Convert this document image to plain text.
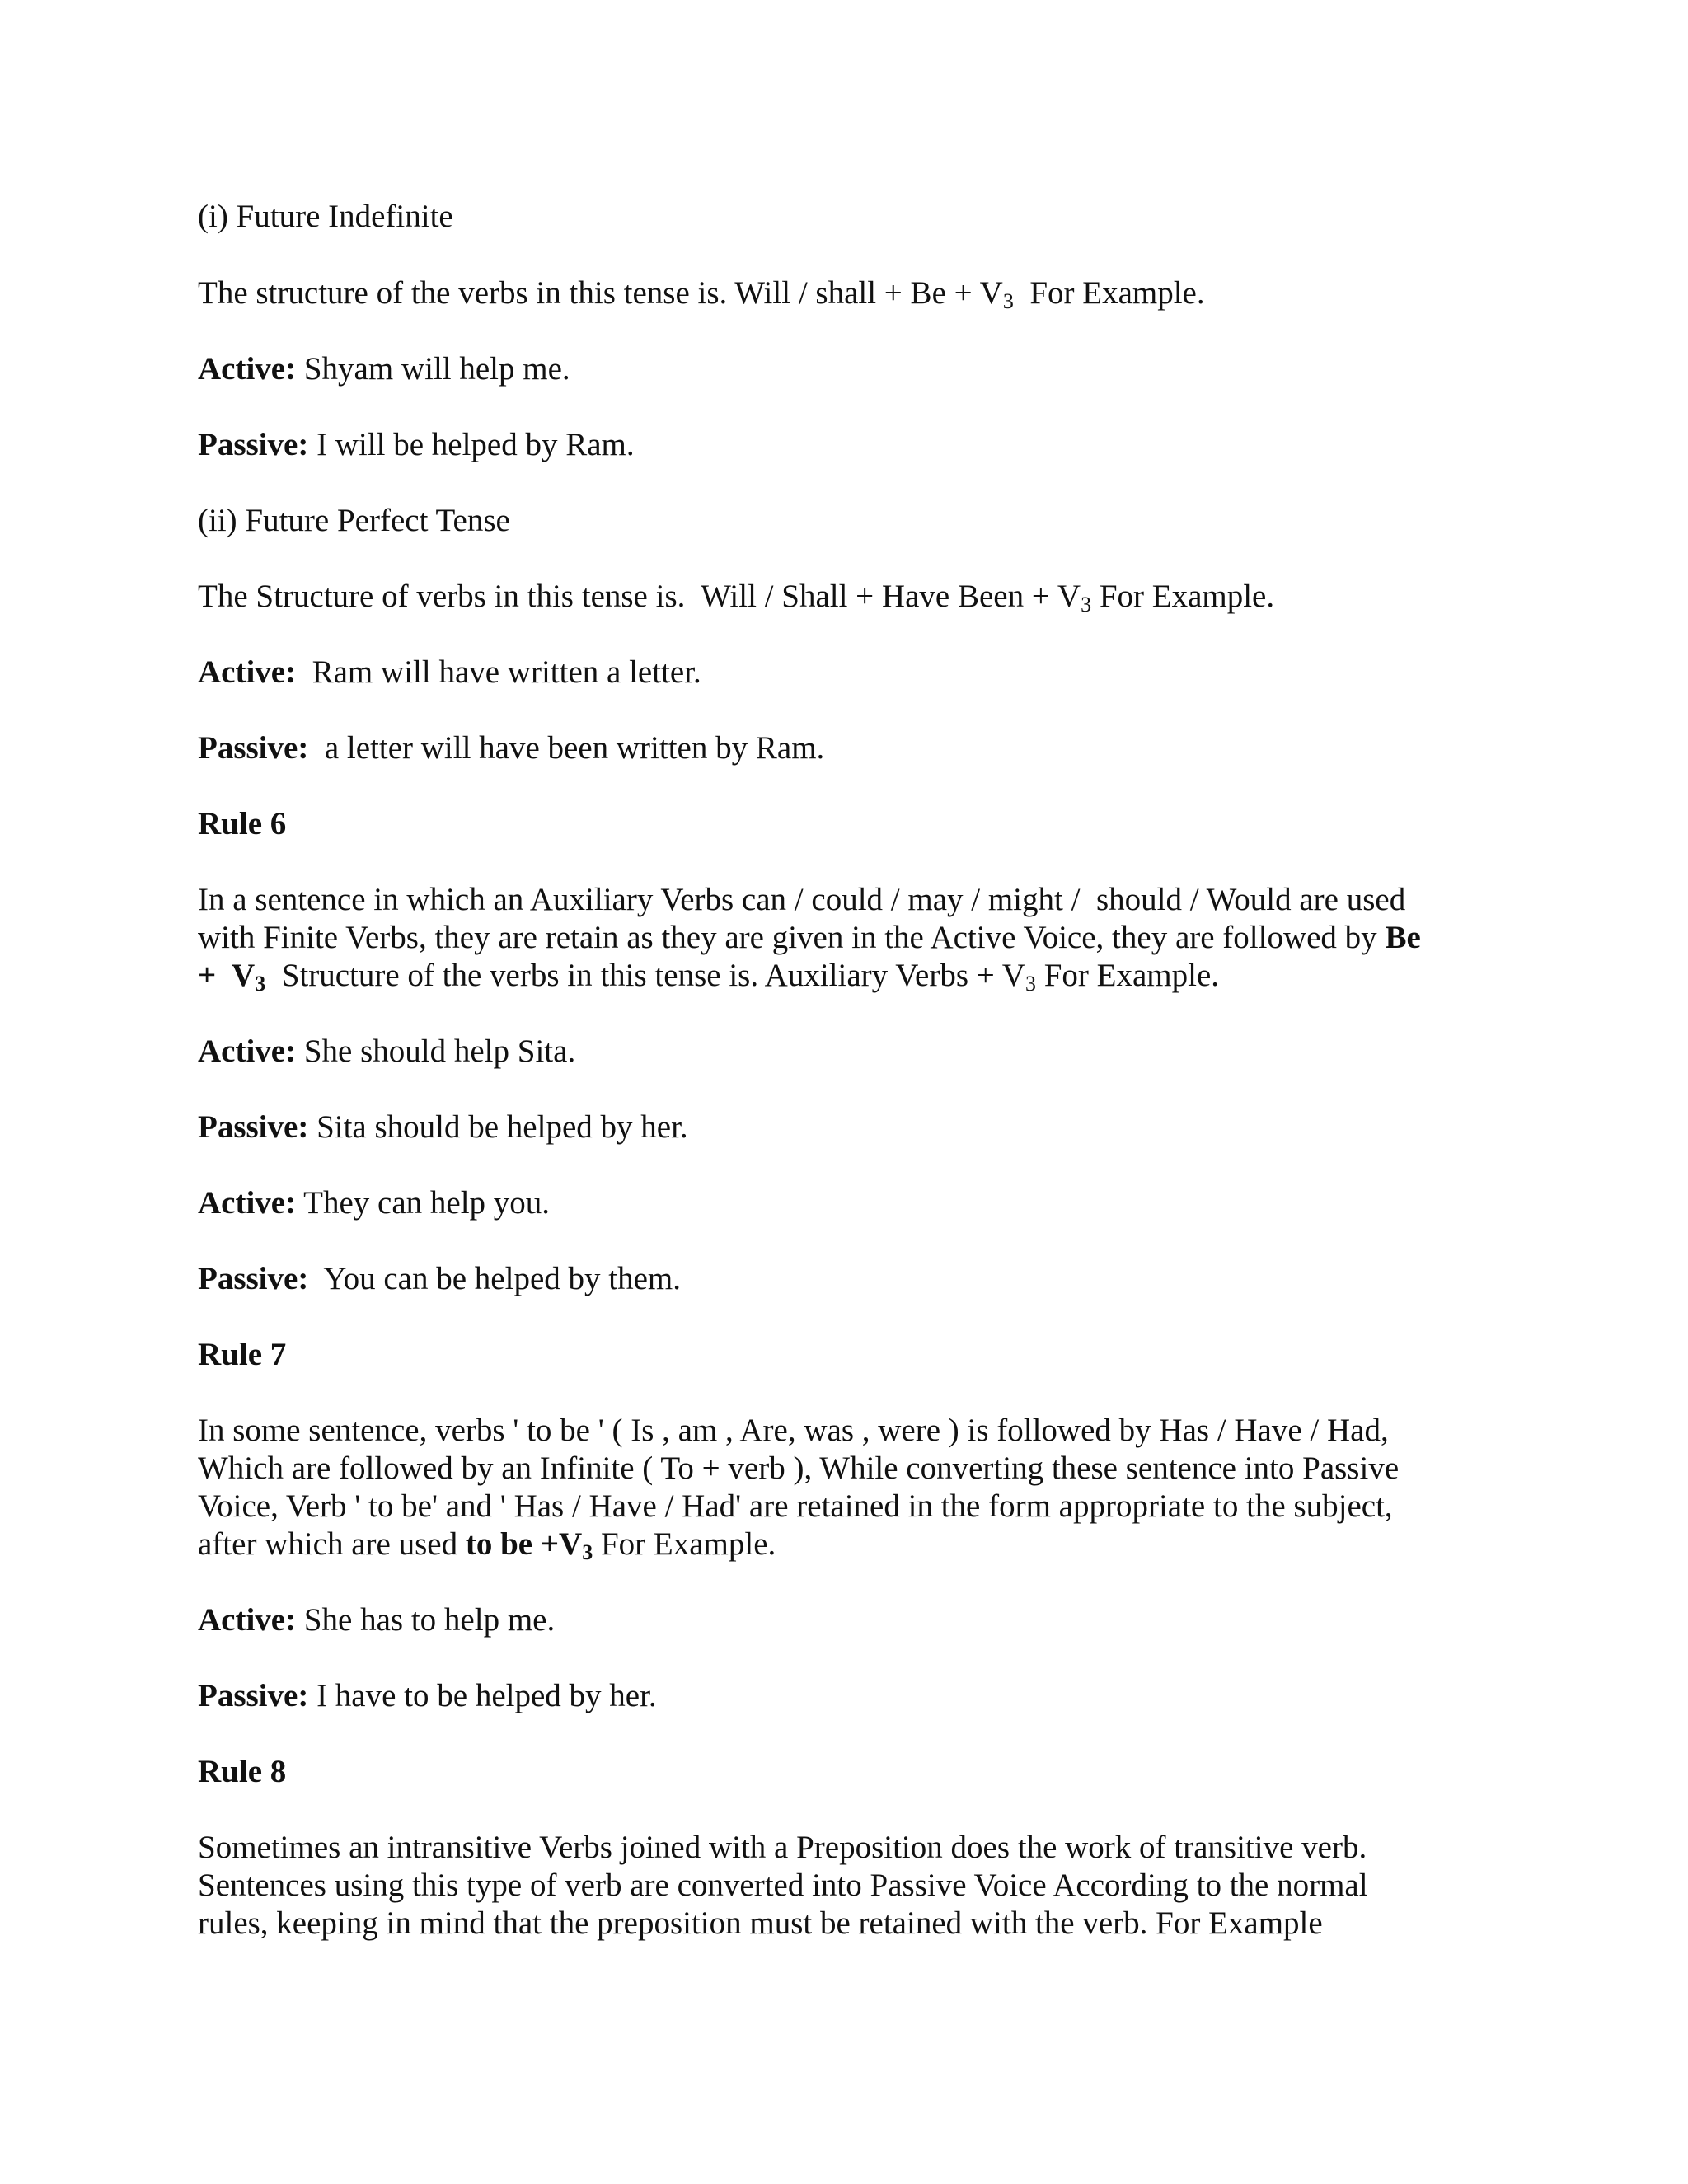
(i) Future Indefinite
The structure of the verbs in this tense is. Will / shall + $Be + V_3$  For Example.
Active: Shyam will help me.
Passive: I will be helped by Ram.
(ii) Future Perfect Tense
The Structure of verbs in this tense is.  Will / Shall + Have Been + $V_3$ For Example.
Active:  Ram will have written a letter.
Passive:  a letter will have been written by Ram.
Rule 6
In a sentence in which an Auxiliary Verbs can / could / may / might /  should / Would are used
with Finite Verbs, they are retain as they are given in the Active Voice, they are followed by Be
+  $V_3$  Structure of the verbs in this tense is. Auxiliary Verbs + $V_3$ For Example.
Active: She should help Sita.
Passive: Sita should be helped by her.
Active: They can help you.
Passive:  You can be helped by them.
Rule 7
In some sentence, verbs ' to be ' ( Is , am , Are, was , were ) is followed by Has / Have / Had,
Which are followed by an Infinite ( To + verb ), While converting these sentence into Passive
Voice, Verb ' to be' and ' Has / Have / Had' are retained in the form appropriate to the subject,
after which are used to be $+V_3$ For Example.
Active: She has to help me.
Passive: I have to be helped by her.
Rule 8
Sometimes an intransitive Verbs joined with a Preposition does the work of transitive verb.
Sentences using this type of verb are converted into Passive Voice According to the normal
rules, keeping in mind that the preposition must be retained with the verb. For Example
